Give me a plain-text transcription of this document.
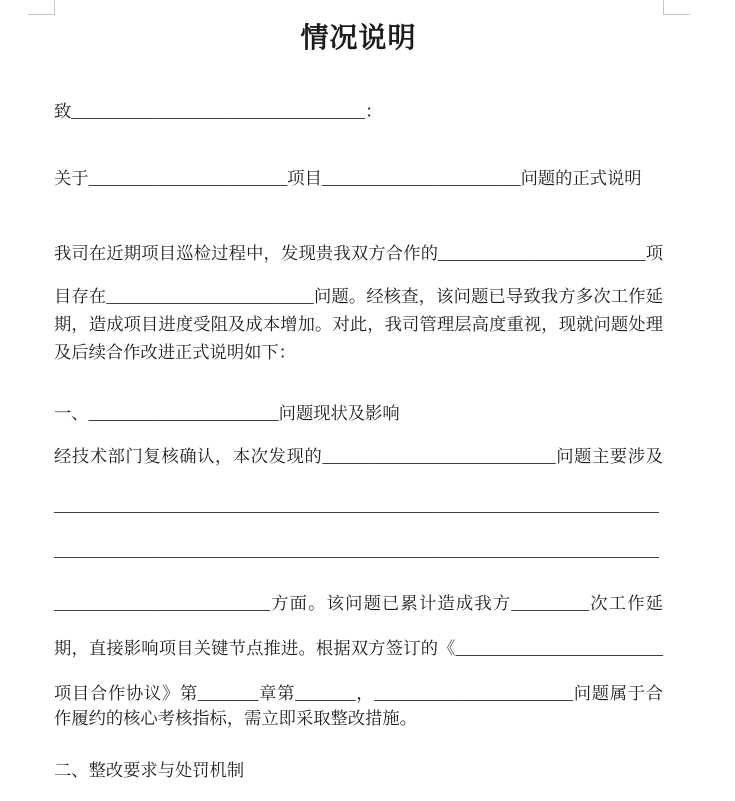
情况说明
致__________________________________：
关于_______________________项目_______________________问题的正式说明
我司在近期项目巡检过程中，发现贵我双方合作的________________________项
目存在________________________问题。经核查，该问题已导致我方多次工作延
期，造成项目进度受阻及成本增加。对此，我司管理层高度重视，现就问题处理
及后续合作改进正式说明如下：
一、______________________问题现状及影响
经技术部门复核确认，本次发现的___________________________问题主要涉及
______________________________________________________________________
______________________________________________________________________
_________________________方面。该问题已累计造成我方_________次工作延
期，直接影响项目关键节点推进。根据双方签订的《________________________
项目合作协议》第_______章第_______，_______________________问题属于合
作履约的核心考核指标，需立即采取整改措施。
二、整改要求与处罚机制
